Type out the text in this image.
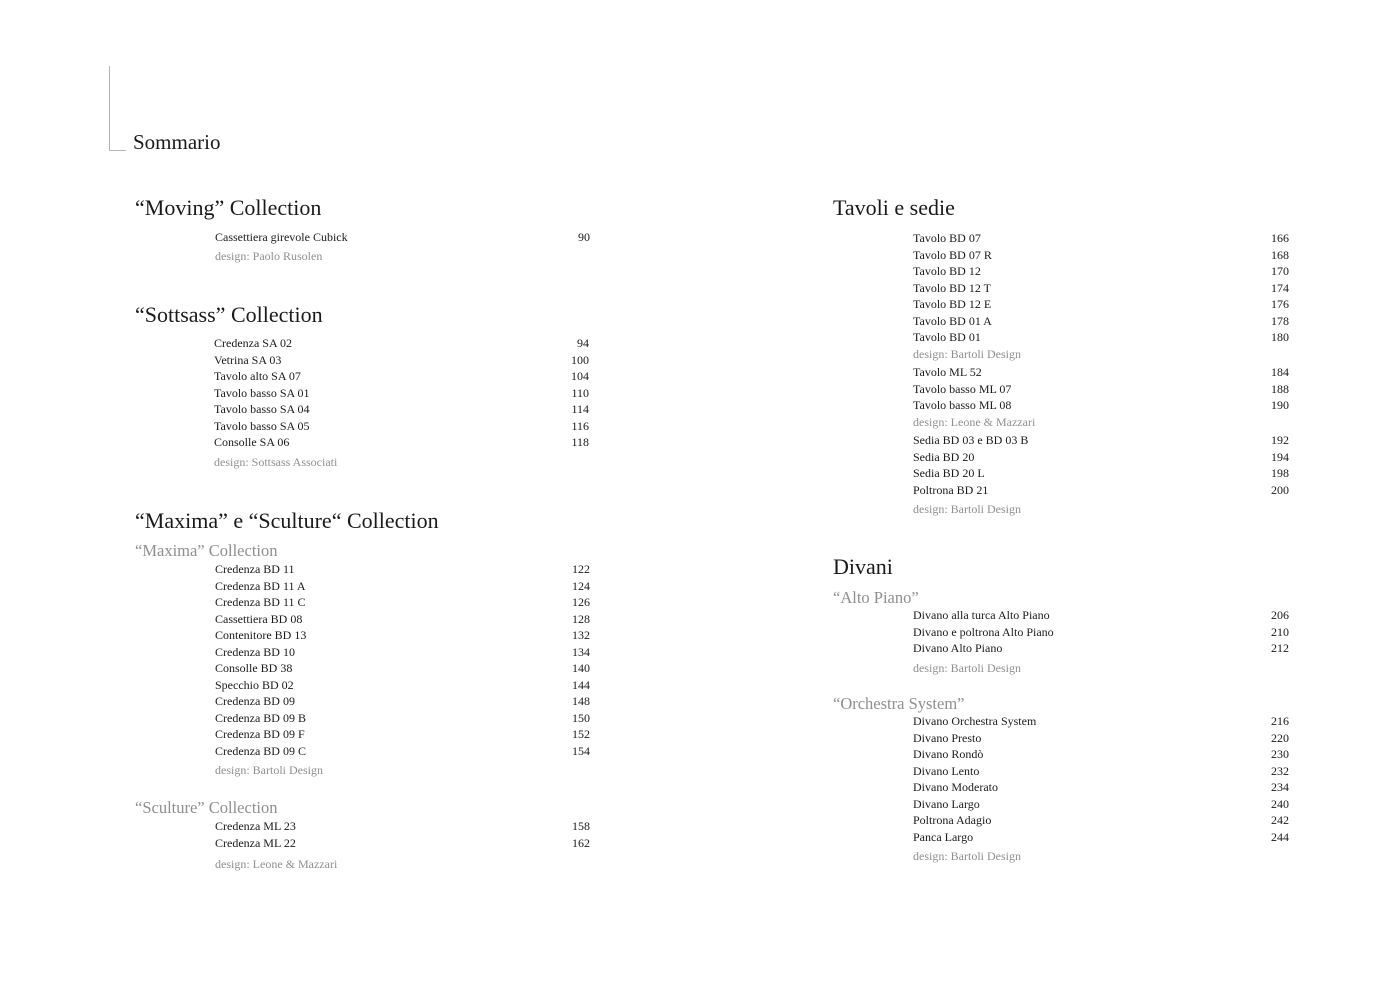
Sommario
“Moving” Collection
Cassettiera girevole Cubick	90
design: Paolo Rusolen
“Sottsass” Collection
Credenza SA 02	94
Vetrina SA 03	100
Tavolo alto SA 07	104
Tavolo basso SA 01	110
Tavolo basso SA 04	114
Tavolo basso SA 05	116
Consolle SA 06	118
design: Sottsass Associati
“Maxima” e “Sculture“ Collection
“Maxima” Collection
Credenza BD 11	122
Credenza BD 11 A	124
Credenza BD 11 C	126
Cassettiera BD 08	128
Contenitore BD 13	132
Credenza BD 10	134
Consolle BD 38	140
Specchio BD 02	144
Credenza BD 09	148
Credenza BD 09 B	150
Credenza BD 09 F	152
Credenza BD 09 C	154
design: Bartoli Design
“Sculture” Collection
Credenza ML 23	158
Credenza ML 22	162
design: Leone & Mazzari
Tavoli e sedie
Tavolo BD 07	166
Tavolo BD 07 R	168
Tavolo BD 12	170
Tavolo BD 12 T	174
Tavolo BD 12 E	176
Tavolo BD 01 A	178
Tavolo BD 01	180
design: Bartoli Design
Tavolo ML 52	184
Tavolo basso ML 07	188
Tavolo basso ML 08	190
design: Leone & Mazzari
Sedia BD 03 e BD 03 B	192
Sedia BD 20	194
Sedia BD 20 L	198
Poltrona BD 21	200
design: Bartoli Design
Divani
“Alto Piano”
Divano alla turca Alto Piano	206
Divano e poltrona Alto Piano	210
Divano Alto Piano	212
design: Bartoli Design
“Orchestra System”
Divano Orchestra System	216
Divano Presto	220
Divano Rondò	230
Divano Lento	232
Divano Moderato	234
Divano Largo	240
Poltrona Adagio	242
Panca Largo	244
design: Bartoli Design
